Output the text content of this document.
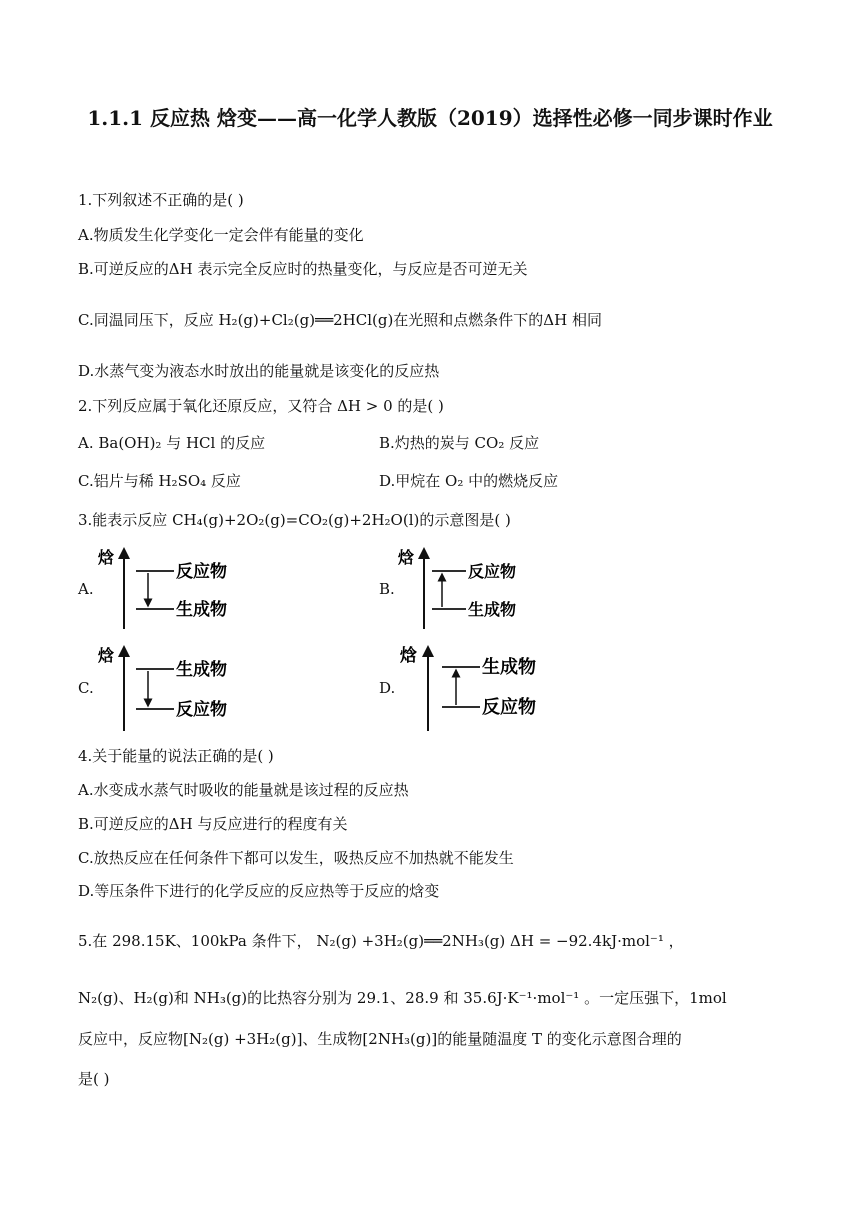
1.1.1 反应热 焓变——高一化学人教版（2019）选择性必修一同步课时作业
1.下列叙述不正确的是( )
A.物质发生化学变化一定会伴有能量的变化
B.可逆反应的ΔH 表示完全反应时的热量变化，与反应是否可逆无关
C.同温同压下，反应 H₂(g)+Cl₂(g)══2HCl(g)在光照和点燃条件下的ΔH 相同
D.水蒸气变为液态水时放出的能量就是该变化的反应热
2.下列反应属于氧化还原反应，又符合 ΔH > 0 的是( )
A. Ba(OH)₂ 与 HCl 的反应	B.灼热的炭与 CO₂ 反应
C.铝片与稀 H₂SO₄ 反应	D.甲烷在 O₂ 中的燃烧反应
3.能表示反应 CH₄(g)+2O₂(g)=CO₂(g)+2H₂O(l)的示意图是( )
A.	B.
C.	D.
焓
反应物
生成物
焓
反应物
生成物
焓
生成物
反应物
焓
生成物
反应物
4.关于能量的说法正确的是( )
A.水变成水蒸气时吸收的能量就是该过程的反应热
B.可逆反应的ΔH 与反应进行的程度有关
C.放热反应在任何条件下都可以发生，吸热反应不加热就不能发生
D.等压条件下进行的化学反应的反应热等于反应的焓变
5.在 298.15K、100kPa 条件下， N₂(g) +3H₂(g)══2NH₃(g) ΔH = −92.4kJ·mol⁻¹ ，
N₂(g)、H₂(g)和 NH₃(g)的比热容分别为 29.1、28.9 和 35.6J·K⁻¹·mol⁻¹ 。一定压强下，1mol
反应中，反应物[N₂(g) +3H₂(g)]、生成物[2NH₃(g)]的能量随温度 T 的变化示意图合理的
是( )
